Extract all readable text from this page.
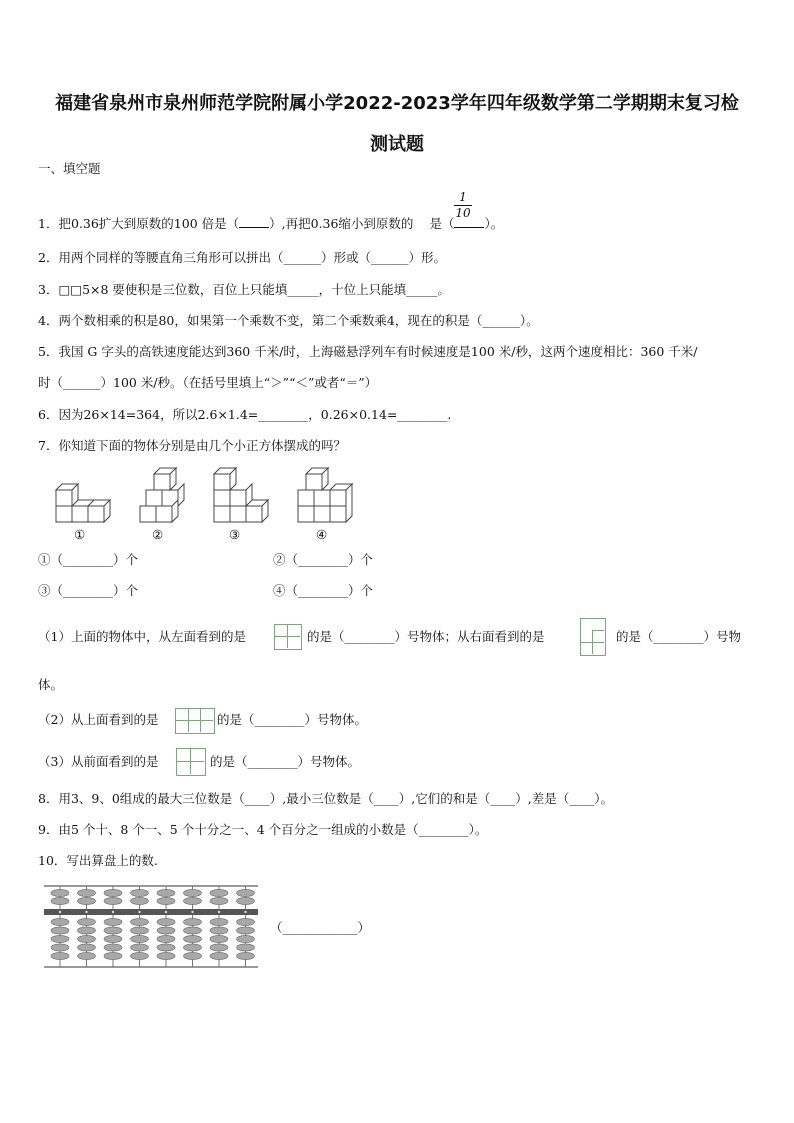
福建省泉州市泉州师范学院附属小学2022-2023学年四年级数学第二学期期末复习检
测试题
一、填空题
1．把0.36扩大到原数的100 倍是（ ）,再把0.36缩小到原数的 是（ ）。
$\frac{1}{10}$
2．用两个同样的等腰直角三角形可以拼出（______）形或（______）形。
3．□□5×8 要使积是三位数，百位上只能填_____，十位上只能填_____。
4．两个数相乘的积是80，如果第一个乘数不变，第二个乘数乘4，现在的积是（______）。
5．我国 G 字头的高铁速度能达到360 千米/时，上海磁悬浮列车有时候速度是100 米/秒，这两个速度相比：360 千米/
时（______）100 米/秒。（在括号里填上“＞”“＜”或者“＝”）
6．因为26×14=364，所以2.6×1.4=________，0.26×0.14=________.
7．你知道下面的物体分别是由几个小正方体摆成的吗？
①	②	③	④
①（________）个	②（________）个
③（________）个	④（________）个
（1）上面的物体中，从左面看到的是	的是（________）号物体；从右面看到的是	的是（________）号物
体。
（2）从上面看到的是	的是（________）号物体。
（3）从前面看到的是	的是（________）号物体。
8．用3、9、0组成的最大三位数是（____）,最小三位数是（____）,它们的和是（____）,差是（____）。
9．由5 个十、8 个一、5 个十分之一、4 个百分之一组成的小数是（________）。
10．写出算盘上的数.
（____________）
